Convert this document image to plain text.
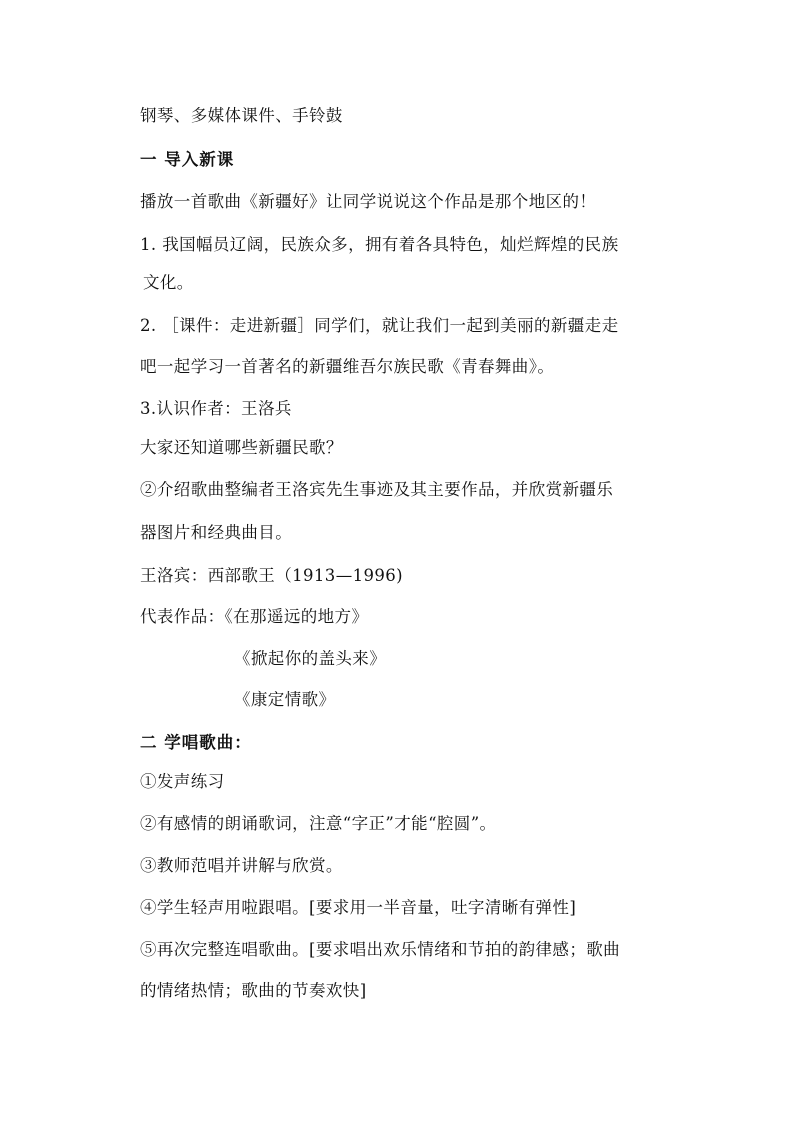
钢琴、多媒体课件、手铃鼓
一 导入新课
播放一首歌曲《新疆好》让同学说说这个作品是那个地区的！
1. 我国幅员辽阔，民族众多，拥有着各具特色，灿烂辉煌的民族
文化。
2. ［课件：走进新疆］同学们，就让我们一起到美丽的新疆走走
吧一起学习一首著名的新疆维吾尔族民歌《青春舞曲》。
3.认识作者：王洛兵
大家还知道哪些新疆民歌？
②介绍歌曲整编者王洛宾先生事迹及其主要作品，并欣赏新疆乐
器图片和经典曲目。
王洛宾：西部歌王（1913—1996)
代表作品：《在那遥远的地方》
《掀起你的盖头来》
《康定情歌》
二 学唱歌曲：
①发声练习
②有感情的朗诵歌词，注意“字正”才能“腔圆”。
③教师范唱并讲解与欣赏。
④学生轻声用啦跟唱。[要求用一半音量，吐字清晰有弹性]
⑤再次完整连唱歌曲。[要求唱出欢乐情绪和节拍的韵律感；歌曲
的情绪热情；歌曲的节奏欢快]
